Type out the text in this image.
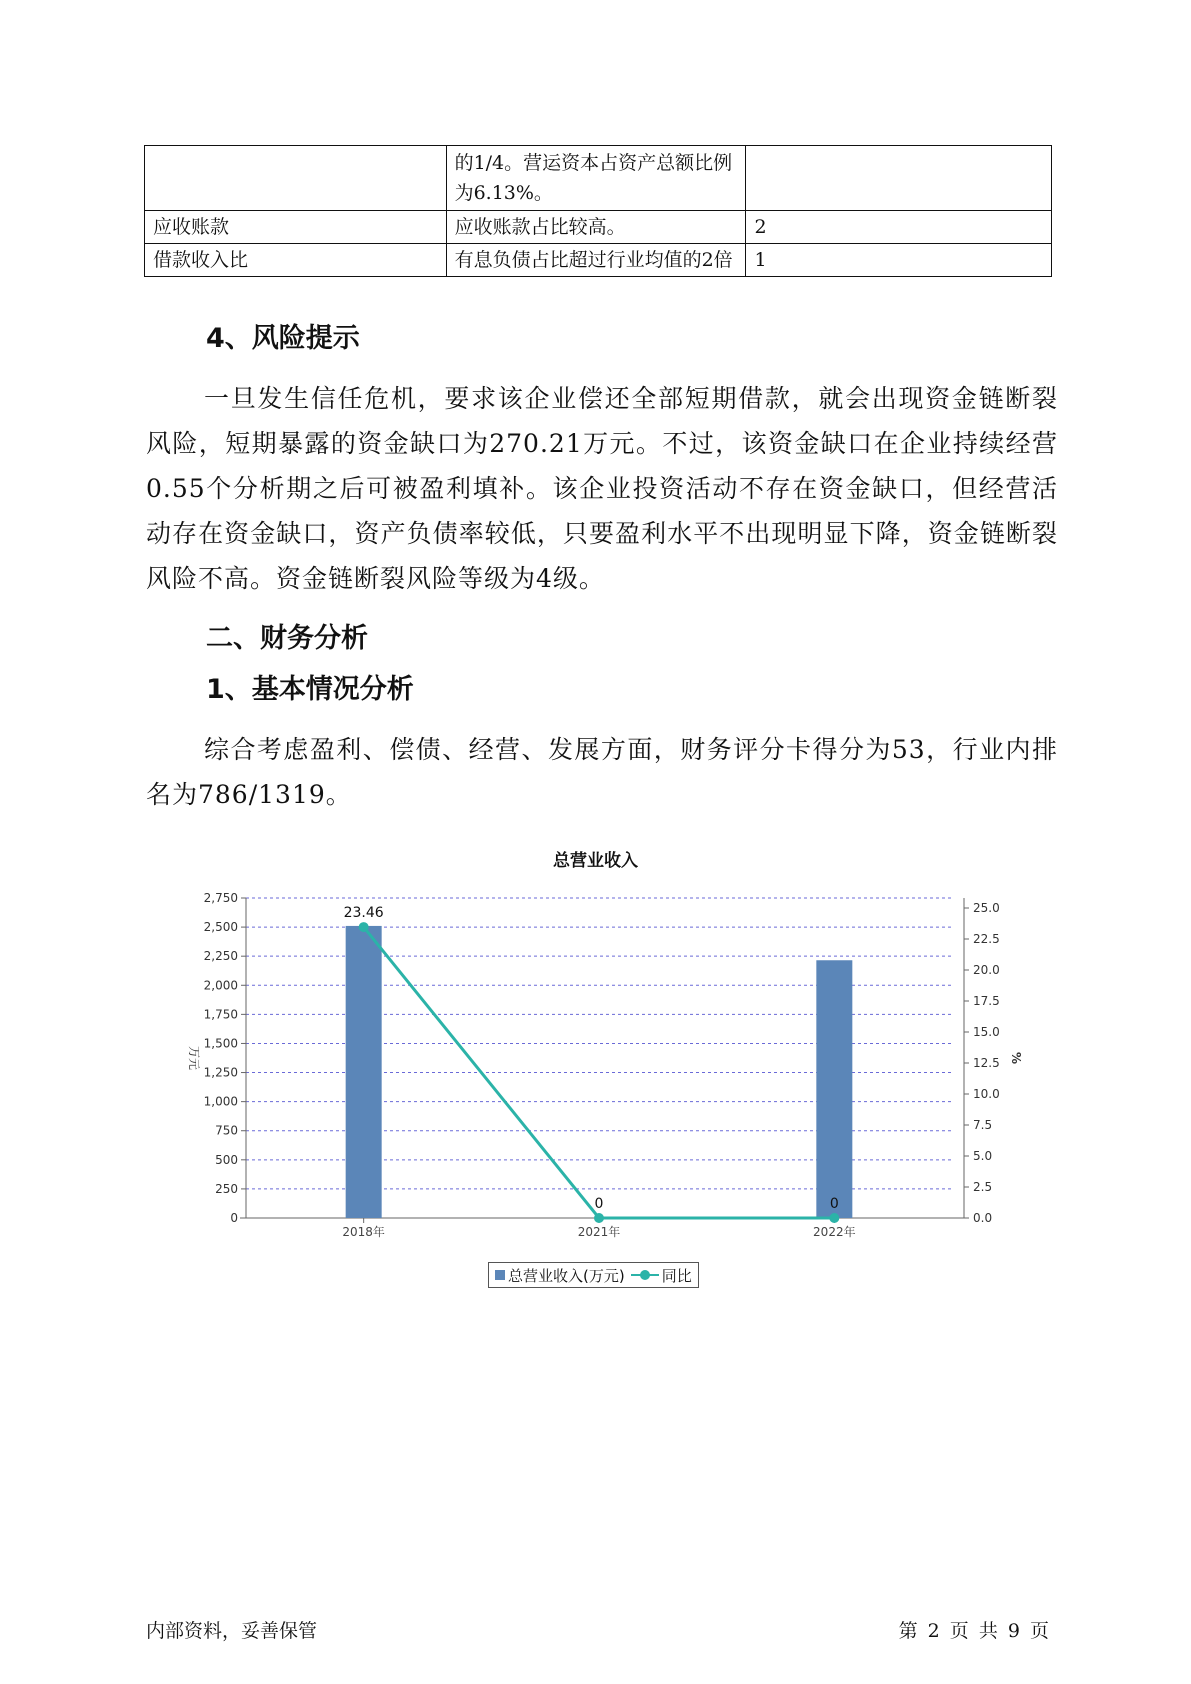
	的1/4。营运资本占资产总额比例为6.13%。	
应收账款	应收账款占比较高。	2
借款收入比	有息负债占比超过行业均值的2倍	1
4、风险提示

一旦发生信任危机，要求该企业偿还全部短期借款，就会出现资金链断裂风险，短期暴露的资金缺口为270.21万元。不过，该资金缺口在企业持续经营 0.55个分析期之后可被盈利填补。该企业投资活动不存在资金缺口，但经营活动存在资金缺口，资产负债率较低，只要盈利水平不出现明显下降，资金链断裂风险不高。资金链断裂风险等级为4级。

二、财务分析
1、基本情况分析

综合考虑盈利、偿债、经营、发展方面，财务评分卡得分为53，行业内排名为786/1319。

总营业收入
0
250
500
750
1,000
1,250
1,500
1,750
2,000
2,250
2,500
2,750
0.0
2.5
5.0
7.5
10.0
12.5
15.0
17.5
20.0
22.5
25.0
万元	%
2018年	2021年	2022年
23.46
0	0
总营业收入(万元) 同比
内部资料，妥善保管	第 2 页 共 9 页
